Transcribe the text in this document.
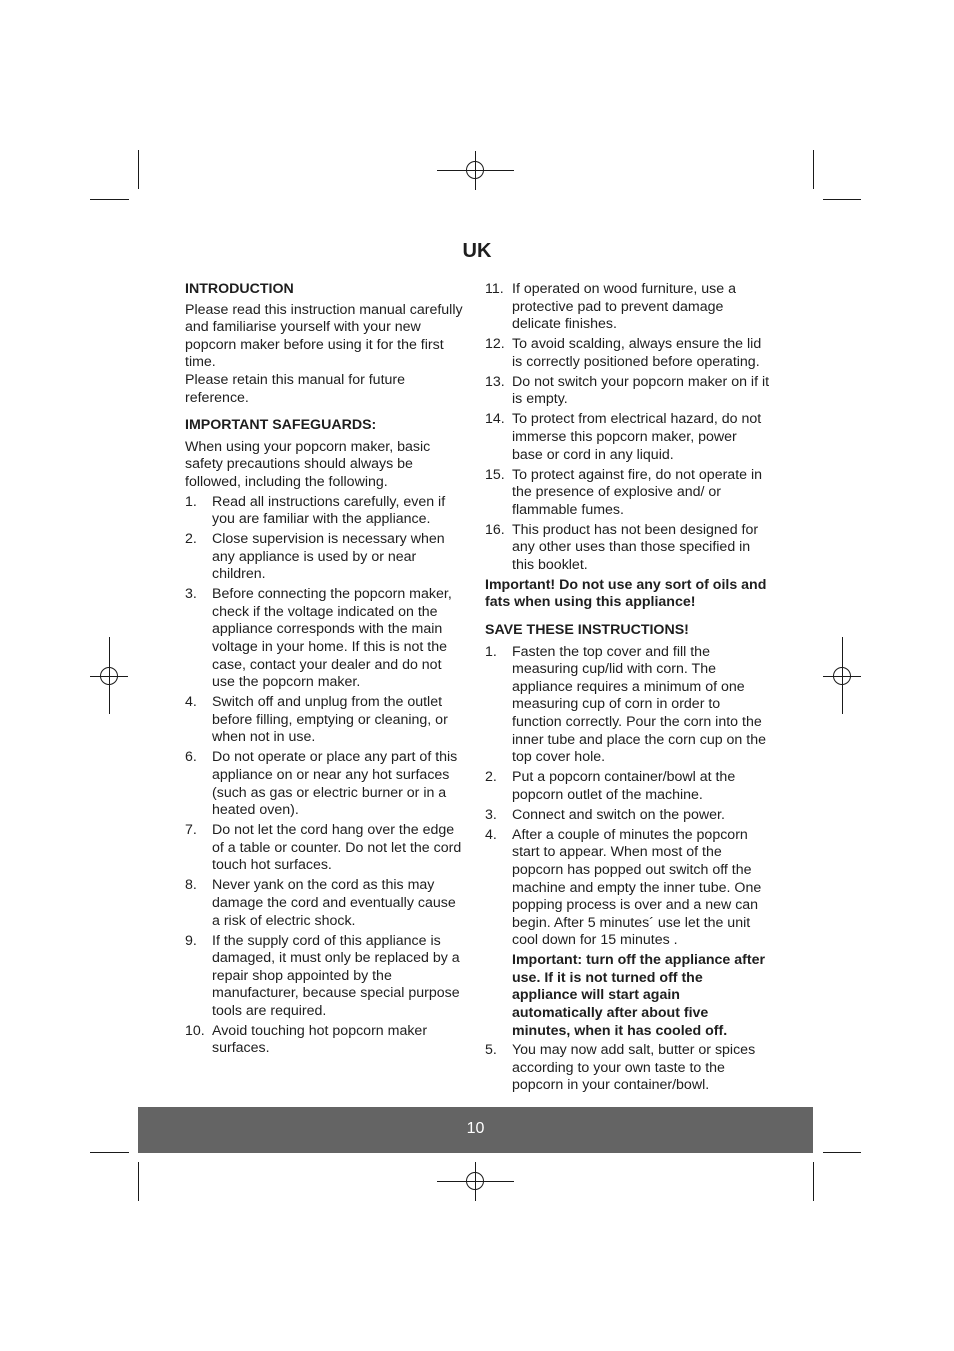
UK
INTRODUCTION

Please read this instruction manual carefully and familiarise yourself with your new popcorn maker before using it for the first time.

Please retain this manual for future reference.

IMPORTANT SAFEGUARDS:

When using your popcorn maker, basic safety precautions should always be followed, including the following.

1.	Read all instructions carefully, even if you are familiar with the appliance.
2.	Close supervision is necessary when any appliance is used by or near children.
3.	Before connecting the popcorn maker, check if the voltage indicated on the appliance corresponds with the main voltage in your home. If this is not the case, contact your dealer and do not use the popcorn maker.
4.	Switch off and unplug from the outlet before filling, emptying or cleaning, or when not in use.
6.	Do not operate or place any part of this appliance on or near any hot surfaces (such as gas or electric burner or in a heated oven).
7.	Do not let the cord hang over the edge of a table or counter. Do not let the cord touch hot surfaces.
8.	Never yank on the cord as this may damage the cord and eventually cause a risk of electric shock.
9.	If the supply cord of this appliance is damaged, it must only be replaced by a repair shop appointed by the manufacturer, because special purpose tools are required.
10. Avoid touching hot popcorn maker surfaces.
11. If operated on wood furniture, use a protective pad to prevent damage delicate finishes.
12. To avoid scalding, always ensure the lid is correctly positioned before operating.
13. Do not switch your popcorn maker on if it is empty.
14. To protect from electrical hazard, do not immerse this popcorn maker, power base or cord in any liquid.
15. To protect against fire, do not operate in the presence of explosive and/ or flammable fumes.
16. This product has not been designed for any other uses than those specified in this booklet.

Important! Do not use any sort of oils and fats when using this appliance!

SAVE THESE INSTRUCTIONS!
1.	Fasten the top cover and fill the measuring cup/lid with corn. The appliance requires a minimum of one measuring cup of corn in order to function correctly. Pour the corn into the inner tube and place the corn cup on the top cover hole.
2.	Put a popcorn container/bowl at the popcorn outlet of the machine.
3.	Connect and switch on the power.
4.	After a couple of minutes the popcorn start to appear. When most of the popcorn has popped out switch off the machine and empty the inner tube. One popping process is over and a new can begin. After 5 minutes´ use let the unit cool down for 15 minutes .

Important: turn off the appliance after use. If it is not turned off the appliance will start again automatically after about five minutes, when it has cooled off.

5.	You may now add salt, butter or spices according to your own taste to the popcorn in your container/bowl.
10
